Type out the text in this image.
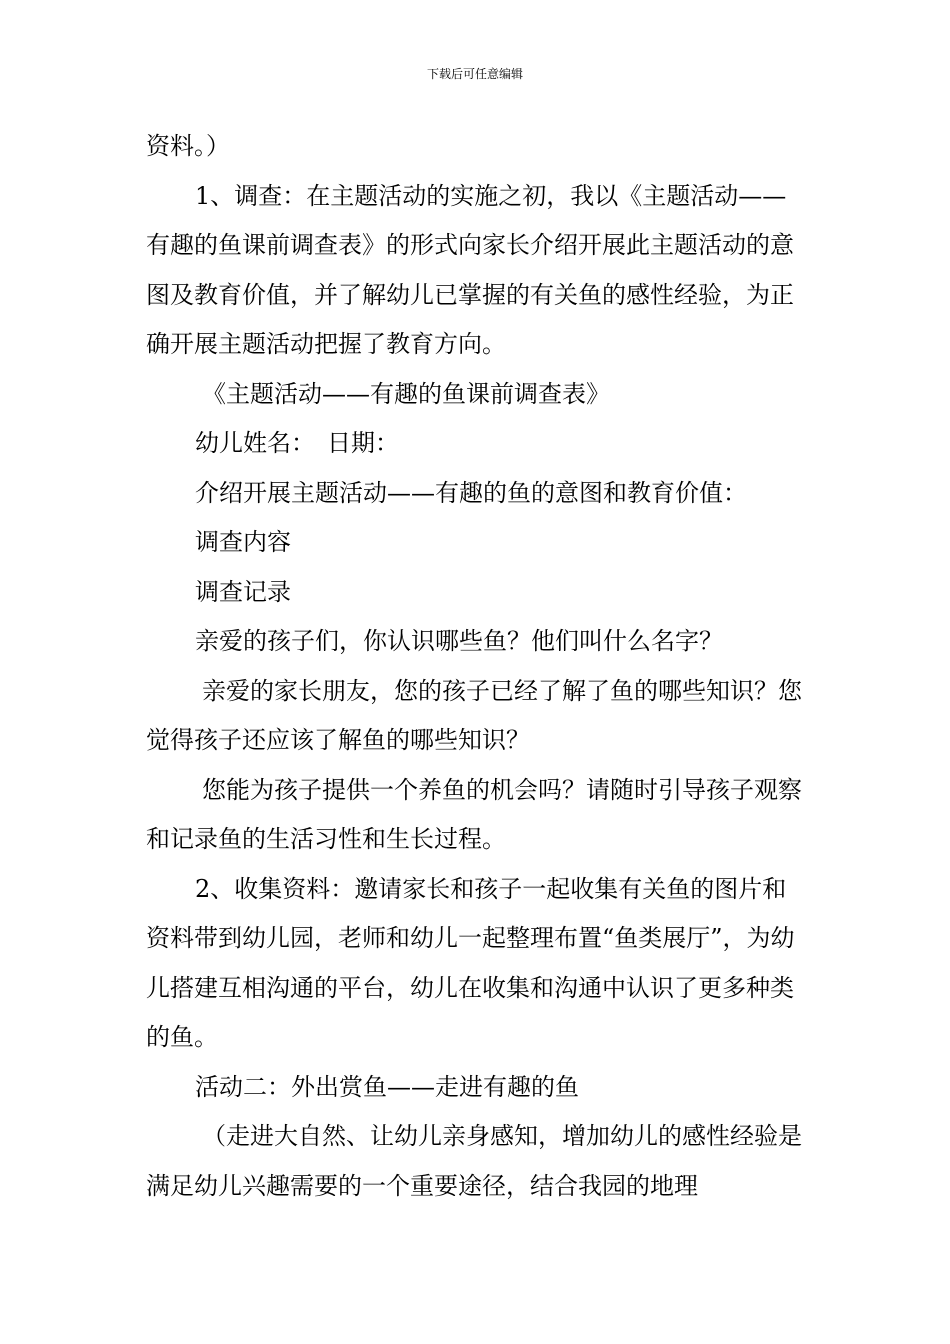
下载后可任意编辑

资料。）

1、调查：在主题活动的实施之初，我以《主题活动——有趣的鱼课前调查表》的形式向家长介绍开展此主题活动的意图及教育价值，并了解幼儿已掌握的有关鱼的感性经验，为正确开展主题活动把握了教育方向。

《主题活动——有趣的鱼课前调查表》

幼儿姓名：　日期：

介绍开展主题活动——有趣的鱼的意图和教育价值：

调查内容

调查记录

亲爱的孩子们，你认识哪些鱼？他们叫什么名字？

亲爱的家长朋友，您的孩子已经了解了鱼的哪些知识？您觉得孩子还应该了解鱼的哪些知识？

您能为孩子提供一个养鱼的机会吗？请随时引导孩子观察和记录鱼的生活习性和生长过程。

2、收集资料：邀请家长和孩子一起收集有关鱼的图片和资料带到幼儿园，老师和幼儿一起整理布置“鱼类展厅”，为幼儿搭建互相沟通的平台，幼儿在收集和沟通中认识了更多种类的鱼。

活动二：外出赏鱼——走进有趣的鱼

（走进大自然、让幼儿亲身感知，增加幼儿的感性经验是满足幼儿兴趣需要的一个重要途径，结合我园的地理
